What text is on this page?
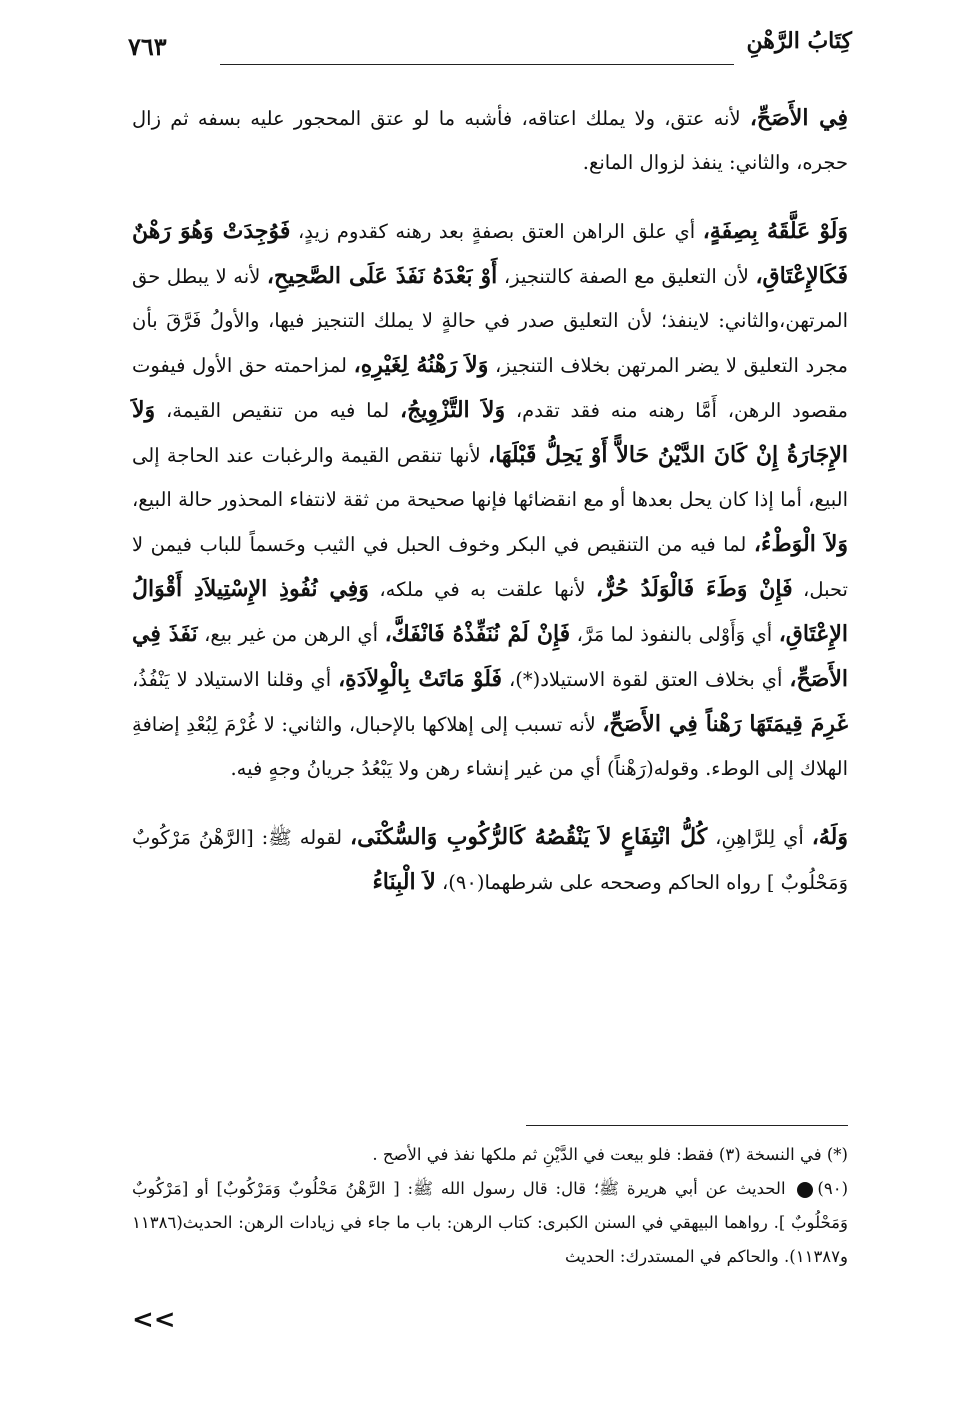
كِتَابُ الرَّهْنِ
٧٦٣

فِي الأَصَحِّ، لأنه عتق، ولا يملك اعتاقه، فأشبه ما لو عتق المحجور عليه بسفه ثم زال حجره، والثاني: ينفذ لزوال المانع.

وَلَوْ عَلَّقَهُ بِصِفَةٍ، أي علق الراهن العتق بصفةٍ بعد رهنه كقدوم زيدٍ، فَوُجِدَتْ وَهُوَ رَهْنٌ فَكَالإِعْتَاقِ، لأن التعليق مع الصفة كالتنجيز، أَوْ بَعْدَهُ نَفَذَ عَلَى الصَّحِيحِ، لأنه لا يبطل حق المرتهن،والثاني: لاينفذ؛ لأن التعليق صدر في حالةٍ لا يملك التنجيز فيها، والأولُ فَرَّقَ بأن مجرد التعليق لا يضر المرتهن بخلاف التنجيز، وَلاَ رَهْنُهُ لِغَيْرِهِ، لمزاحمته حق الأول فيفوت مقصود الرهن، أَمَّا رهنه منه فقد تقدم، وَلاَ التَّزْوِيجُ، لما فيه من تنقيص القيمة، وَلاَ الإِجَارَةُ إِنْ كَانَ الدَّيْنُ حَالاًّ أَوْ يَحِلُّ قَبْلَهَا، لأنها تنقص القيمة والرغبات عند الحاجة إلى البيع، أما إذا كان يحل بعدها أو مع انقضائها فإنها صحيحة من ثقة لانتفاء المحذور حالة البيع، وَلاَ الْوَطْءُ، لما فيه من التنقيص في البكر وخوف الحبل في الثيب وحَسماً للباب فيمن لا تحبل، فَإِنْ وَطَءَ فَالْوَلَدُ حُرٌّ، لأنها علقت به في ملكه، وَفِي نُفُوذِ الإِسْتِيلاَدِ أَقْوَالُ الإِعْتَاقِ، أي وَأَوْلى بالنفوذ لما مَرَّ، فَإِنْ لَمْ نُنَفِّذْهُ فَانْفَكَّ، أي الرهن من غير بيع، نَفَذَ فِي الأَصَحِّ، أي بخلاف العتق لقوة الاستيلاد(*)، فَلَوْ مَاتَتْ بِالْوِلاَدَةِ، أي وقلنا الاستيلاد لا يَنْفُذُ، غَرِمَ قِيمَتَهَا رَهْناً فِي الأَصَحِّ، لأنه تسبب إلى إهلاكها بالإحبال، والثاني: لا غُرْمَ لِبُعْدِ إضافةِ الهلاك إلى الوطء. وقوله(رَهْناً) أي من غير إنشاء رهن ولا يَبْعُدُ جريانُ وجهٍ فيه.

وَلَهُ، أي لِلرَّاهِنِ، كُلُّ انْتِفَاعٍ لاَ يَنْقُصُهُ كَالرُّكُوبِ وَالسُّكْنَى، لقوله ﷺ: [الرَّهْنُ مَرْكُوبٌ وَمَحْلُوبٌ ] رواه الحاكم وصححه على شرطهما(٩٠)، لاَ الْبِنَاءُ

(*) في النسخة (٣) فقط: فلو بيعت في الدَّيْنِ ثم ملكها نفذ في الأصح .

(٩٠) الحديث عن أبي هريرة ﷺ؛ قال: قال رسول الله ﷺ: [ الرَّهْنُ مَحْلُوبٌ وَمَرْكُوبٌ] أو [مَرْكُوبٌ وَمَحْلُوبٌ ]. رواهما البيهقي في السنن الكبرى: كتاب الرهن: باب ما جاء في زيادات الرهن: الحديث(١١٣٨٦ و١١٣٨٧). والحاكم في المستدرك: الحديث

<<
